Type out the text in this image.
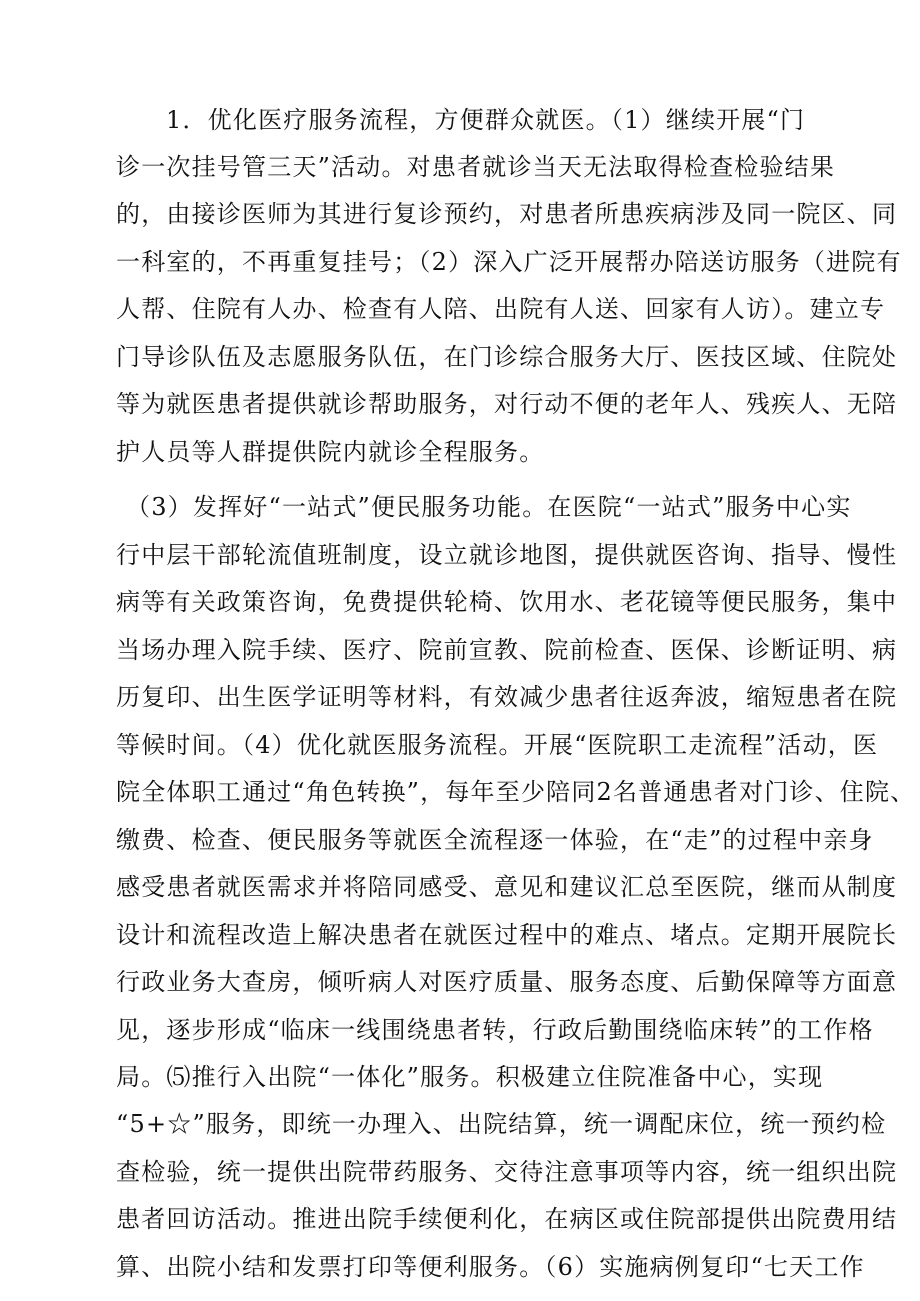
1．优化医疗服务流程，方便群众就医。（1）继续开展“门
诊一次挂号管三天”活动。对患者就诊当天无法取得检查检验结果
的，由接诊医师为其进行复诊预约，对患者所患疾病涉及同一院区、同
一科室的，不再重复挂号；（2）深入广泛开展帮办陪送访服务（进院有
人帮、住院有人办、检查有人陪、出院有人送、回家有人访）。建立专
门导诊队伍及志愿服务队伍，在门诊综合服务大厅、医技区域、住院处
等为就医患者提供就诊帮助服务，对行动不便的老年人、残疾人、无陪
护人员等人群提供院内就诊全程服务。
（3）发挥好“一站式”便民服务功能。在医院“一站式”服务中心实
行中层干部轮流值班制度，设立就诊地图，提供就医咨询、指导、慢性
病等有关政策咨询，免费提供轮椅、饮用水、老花镜等便民服务，集中
当场办理入院手续、医疗、院前宣教、院前检查、医保、诊断证明、病
历复印、出生医学证明等材料，有效减少患者往返奔波，缩短患者在院
等候时间。（4）优化就医服务流程。开展“医院职工走流程”活动，医
院全体职工通过“角色转换”，每年至少陪同2名普通患者对门诊、住院、
缴费、检查、便民服务等就医全流程逐一体验，在“走”的过程中亲身
感受患者就医需求并将陪同感受、意见和建议汇总至医院，继而从制度
设计和流程改造上解决患者在就医过程中的难点、堵点。定期开展院长
行政业务大查房，倾听病人对医疗质量、服务态度、后勤保障等方面意
见，逐步形成“临床一线围绕患者转，行政后勤围绕临床转”的工作格
局。⑸推行入出院“一体化”服务。积极建立住院准备中心，实现
“5+☆”服务，即统一办理入、出院结算，统一调配床位，统一预约检
查检验，统一提供出院带药服务、交待注意事项等内容，统一组织出院
患者回访活动。推进出院手续便利化，在病区或住院部提供出院费用结
算、出院小结和发票打印等便利服务。（6）实施病例复印“七天工作
